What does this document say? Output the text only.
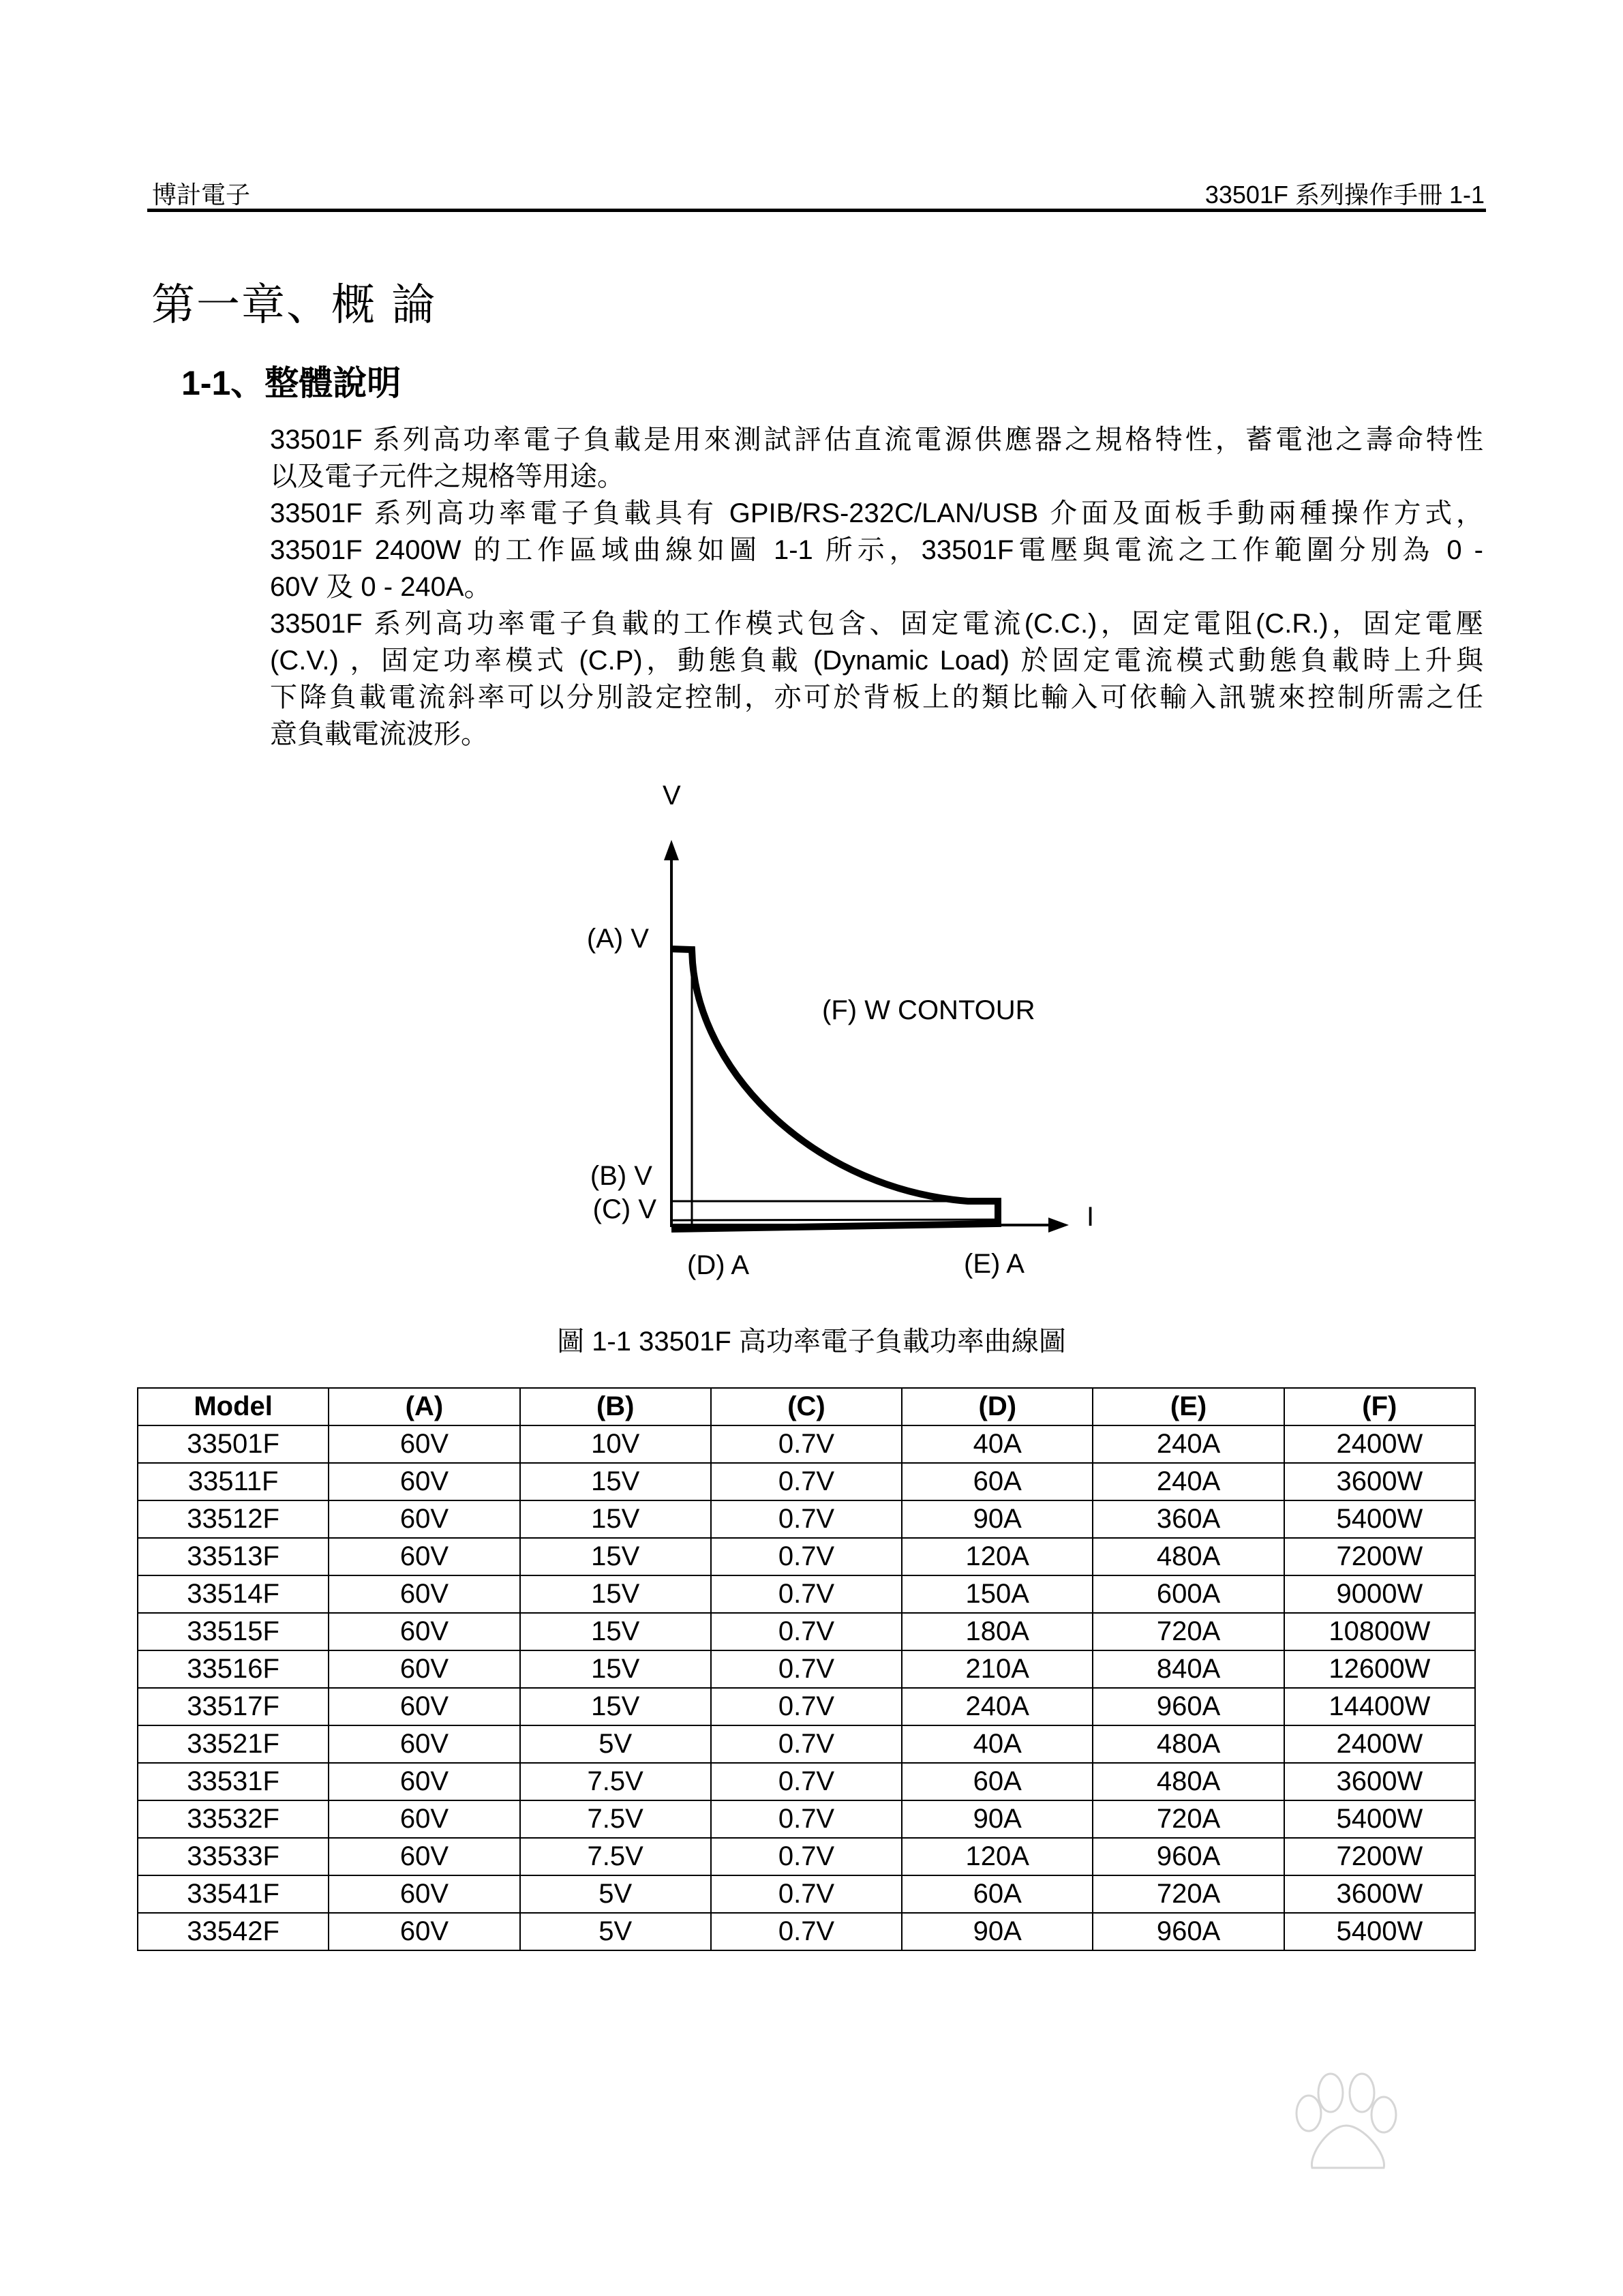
博計電子	33501F 系列操作手冊 1-1
第一章、概 論
1-1、整體說明
33501F 系列高功率電子負載是用來測試評估直流電源供應器之規格特性，蓄電池之壽命特性
以及電子元件之規格等用途。
33501F 系列高功率電子負載具有 GPIB/RS-232C/LAN/USB 介面及面板手動兩種操作方式，
33501F 2400W 的工作區域曲線如圖 1-1 所示，33501F電壓與電流之工作範圍分別為 0 -
60V 及 0 - 240A。
33501F 系列高功率電子負載的工作模式包含、固定電流(C.C.)，固定電阻(C.R.)，固定電壓
(C.V.) ，固定功率模式 (C.P)，動態負載 (Dynamic Load) 於固定電流模式動態負載時上升與
下降負載電流斜率可以分別設定控制，亦可於背板上的類比輸入可依輸入訊號來控制所需之任
意負載電流波形。
V
I
(A) V
(F) W CONTOUR
(B) V
(C) V
(D) A	(E) A
圖 1-1 33501F 高功率電子負載功率曲線圖
Model	(A)	(B)	(C)	(D)	(E)	(F)
33501F	60V	10V	0.7V	40A	240A	2400W
33511F	60V	15V	0.7V	60A	240A	3600W
33512F	60V	15V	0.7V	90A	360A	5400W
33513F	60V	15V	0.7V	120A	480A	7200W
33514F	60V	15V	0.7V	150A	600A	9000W
33515F	60V	15V	0.7V	180A	720A	10800W
33516F	60V	15V	0.7V	210A	840A	12600W
33517F	60V	15V	0.7V	240A	960A	14400W
33521F	60V	5V	0.7V	40A	480A	2400W
33531F	60V	7.5V	0.7V	60A	480A	3600W
33532F	60V	7.5V	0.7V	90A	720A	5400W
33533F	60V	7.5V	0.7V	120A	960A	7200W
33541F	60V	5V	0.7V	60A	720A	3600W
33542F	60V	5V	0.7V	90A	960A	5400W
